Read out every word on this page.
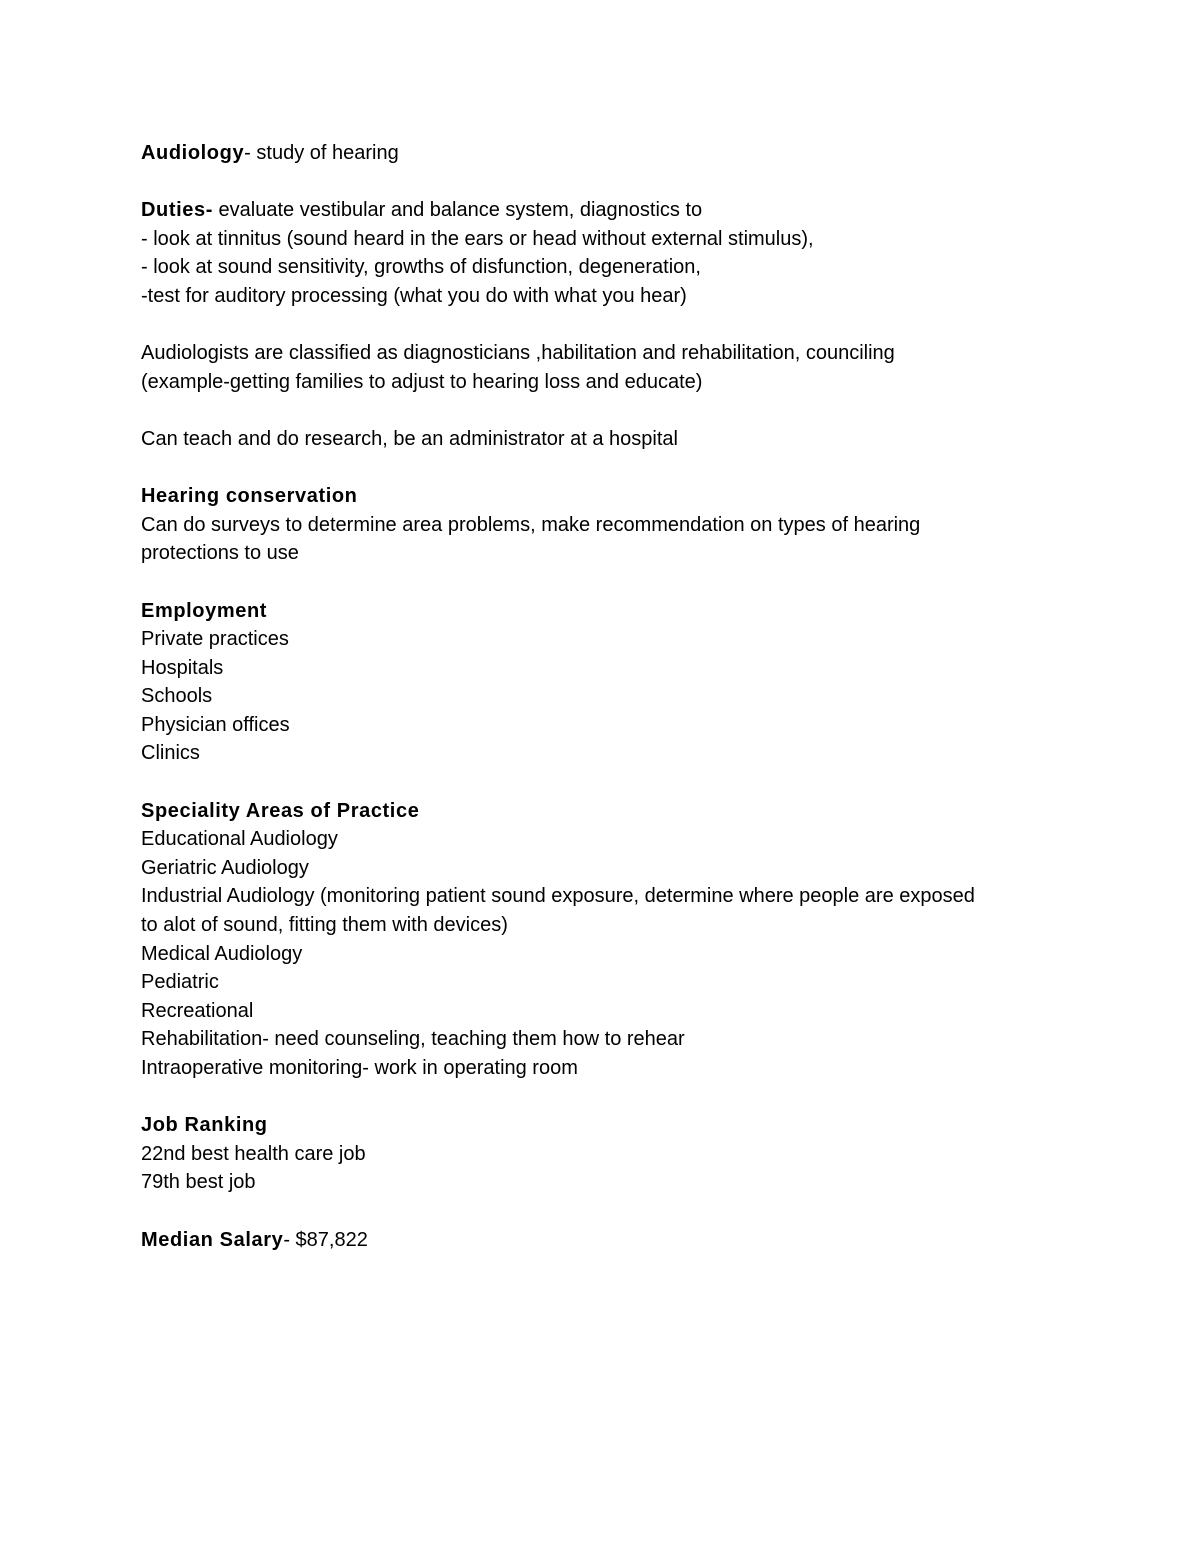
Audiology- study of hearing
Duties- evaluate vestibular and balance system, diagnostics to
- look at tinnitus (sound heard in the ears or head without external stimulus),
- look at sound sensitivity, growths of disfunction, degeneration,
-test for auditory processing (what you do with what you hear)
Audiologists are classified as diagnosticians ,habilitation and rehabilitation, counciling
(example-getting families to adjust to hearing loss and educate)
Can teach and do research, be an administrator at a hospital
Hearing conservation
Can do surveys to determine area problems, make recommendation on types of hearing
protections to use
Employment
Private practices
Hospitals
Schools
Physician offices
Clinics
Speciality Areas of Practice
Educational Audiology
Geriatric Audiology
Industrial Audiology (monitoring patient sound exposure, determine where people are exposed
to alot of sound, fitting them with devices)
Medical Audiology
Pediatric
Recreational
Rehabilitation- need counseling, teaching them how to rehear
Intraoperative monitoring- work in operating room
Job Ranking
22nd best health care job
79th best job
Median Salary- $87,822
